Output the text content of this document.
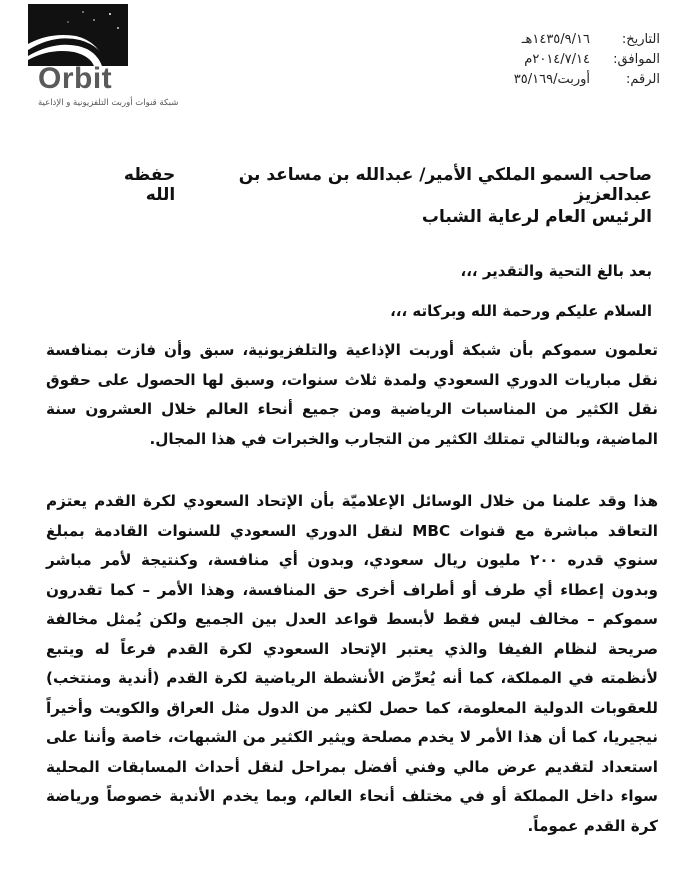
Orbit
شبكة قنوات أوربت التلفزيونية و الإذاعية
التاريخ:
١٤٣٥/٩/١٦هـ
الموافق:
٢٠١٤/٧/١٤م
الرقم:
أوربت/٣٥/١٦٩
صاحب السمو الملكي الأمير/ عبدالله بن مساعد بن عبدالعزيز
حفظه الله
الرئيس العام لرعاية الشباب
بعد بالغ التحية والتقدير ،،،
السلام عليكم ورحمة الله وبركاته ،،،

تعلمون سموكم بأن شبكة أوربت الإذاعية والتلفزيونية، سبق وأن فازت بمنافسة نقل مباريات الدوري السعودي ولمدة ثلاث سنوات، وسبق لها الحصول على حقوق نقل الكثير من المناسبات الرياضية ومن جميع أنحاء العالم خلال العشرون سنة الماضية، وبالتالي تمتلك الكثير من التجارب والخبرات في هذا المجال.

هذا وقد علمنا من خلال الوسائل الإعلاميّة بأن الإتحاد السعودي لكرة القدم يعتزم التعاقد مباشرة مع قنوات MBC لنقل الدوري السعودي للسنوات القادمة بمبلغ سنوي قدره ٢٠٠ مليون ريال سعودي، وبدون أي منافسة، وكنتيجة لأمر مباشر وبدون إعطاء أي طرف أو أطراف أخرى حق المنافسة، وهذا الأمر – كما تقدرون سموكم – مخالف ليس فقط لأبسط قواعد العدل بين الجميع ولكن يُمثل مخالفة صريحة لنظام الفيفا والذي يعتبر الإتحاد السعودي لكرة القدم فرعاً له ويتبع لأنظمته في المملكة، كما أنه يُعرِّض الأنشطة الرياضية لكرة القدم (أندية ومنتخب) للعقوبات الدولية المعلومة، كما حصل لكثير من الدول مثل العراق والكويت وأخيراً نيجيريا، كما أن هذا الأمر لا يخدم مصلحة ويثير الكثير من الشبهات، خاصة وأننا على استعداد لتقديم عرض مالي وفني أفضل بمراحل لنقل أحداث المسابقات المحلية سواء داخل المملكة أو في مختلف أنحاء العالم، وبما يخدم الأندية خصوصاً ورياضة كرة القدم عموماً.
